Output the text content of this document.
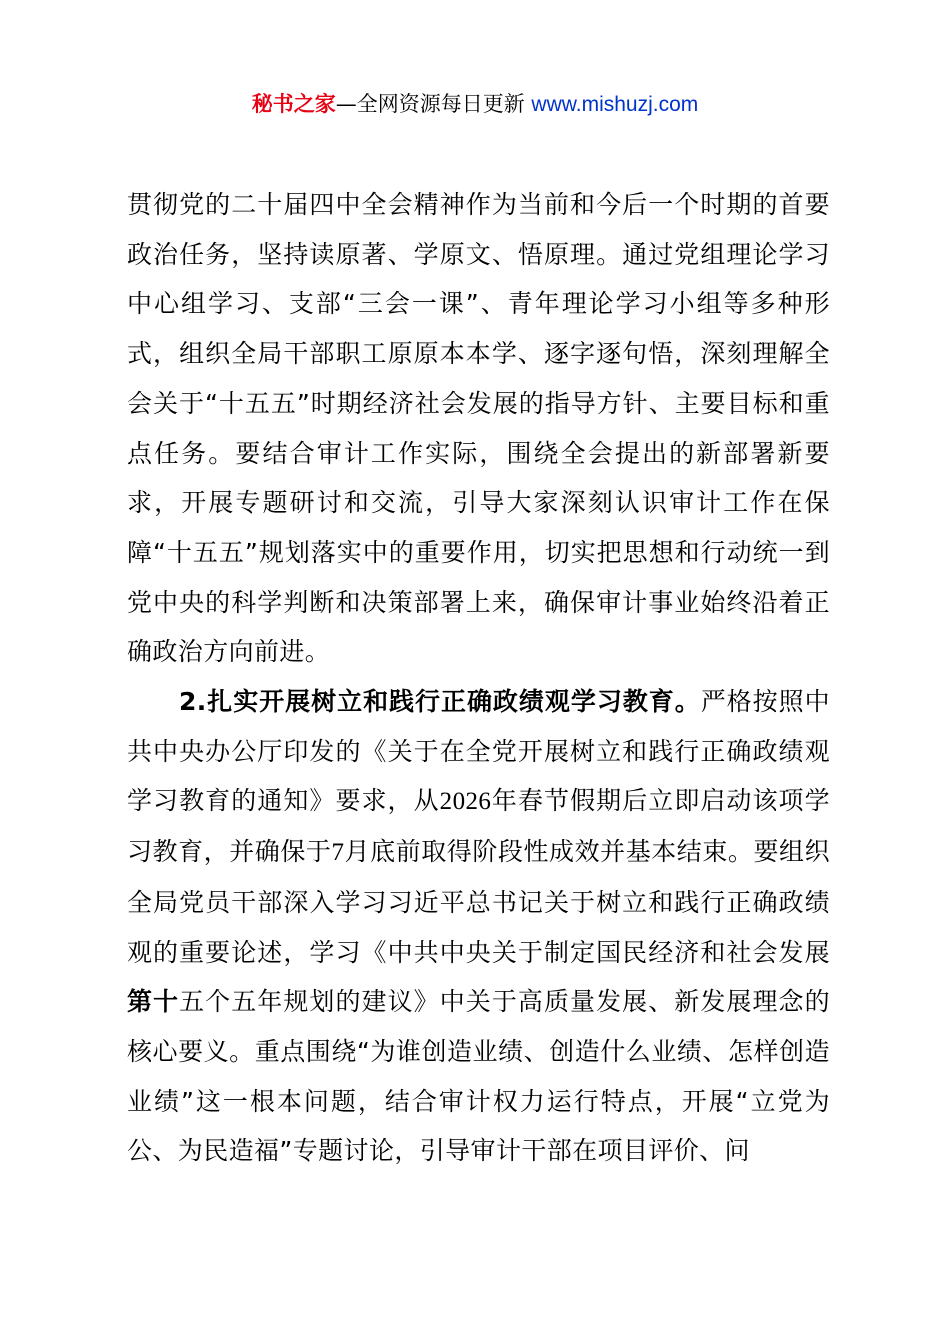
秘书之家—全网资源每日更新 www.mishuzj.com

贯彻党的二十届四中全会精神作为当前和今后一个时期的首要政治任务，坚持读原著、学原文、悟原理。通过党组理论学习中心组学习、支部“三会一课”、青年理论学习小组等多种形式，组织全局干部职工原原本本学、逐字逐句悟，深刻理解全会关于“十五五”时期经济社会发展的指导方针、主要目标和重点任务。要结合审计工作实际，围绕全会提出的新部署新要求，开展专题研讨和交流，引导大家深刻认识审计工作在保障“十五五”规划落实中的重要作用，切实把思想和行动统一到党中央的科学判断和决策部署上来，确保审计事业始终沿着正确政治方向前进。

2.扎实开展树立和践行正确政绩观学习教育。严格按照中共中央办公厅印发的《关于在全党开展树立和践行正确政绩观学习教育的通知》要求，从2026年春节假期后立即启动该项学习教育，并确保于7月底前取得阶段性成效并基本结束。要组织全局党员干部深入学习习近平总书记关于树立和践行正确政绩观的重要论述，学习《中共中央关于制定国民经济和社会发展第十五个五年规划的建议》中关于高质量发展、新发展理念的核心要义。重点围绕“为谁创造业绩、创造什么业绩、怎样创造业绩”这一根本问题，结合审计权力运行特点，开展“立党为公、为民造福”专题讨论，引导审计干部在项目评价、问
